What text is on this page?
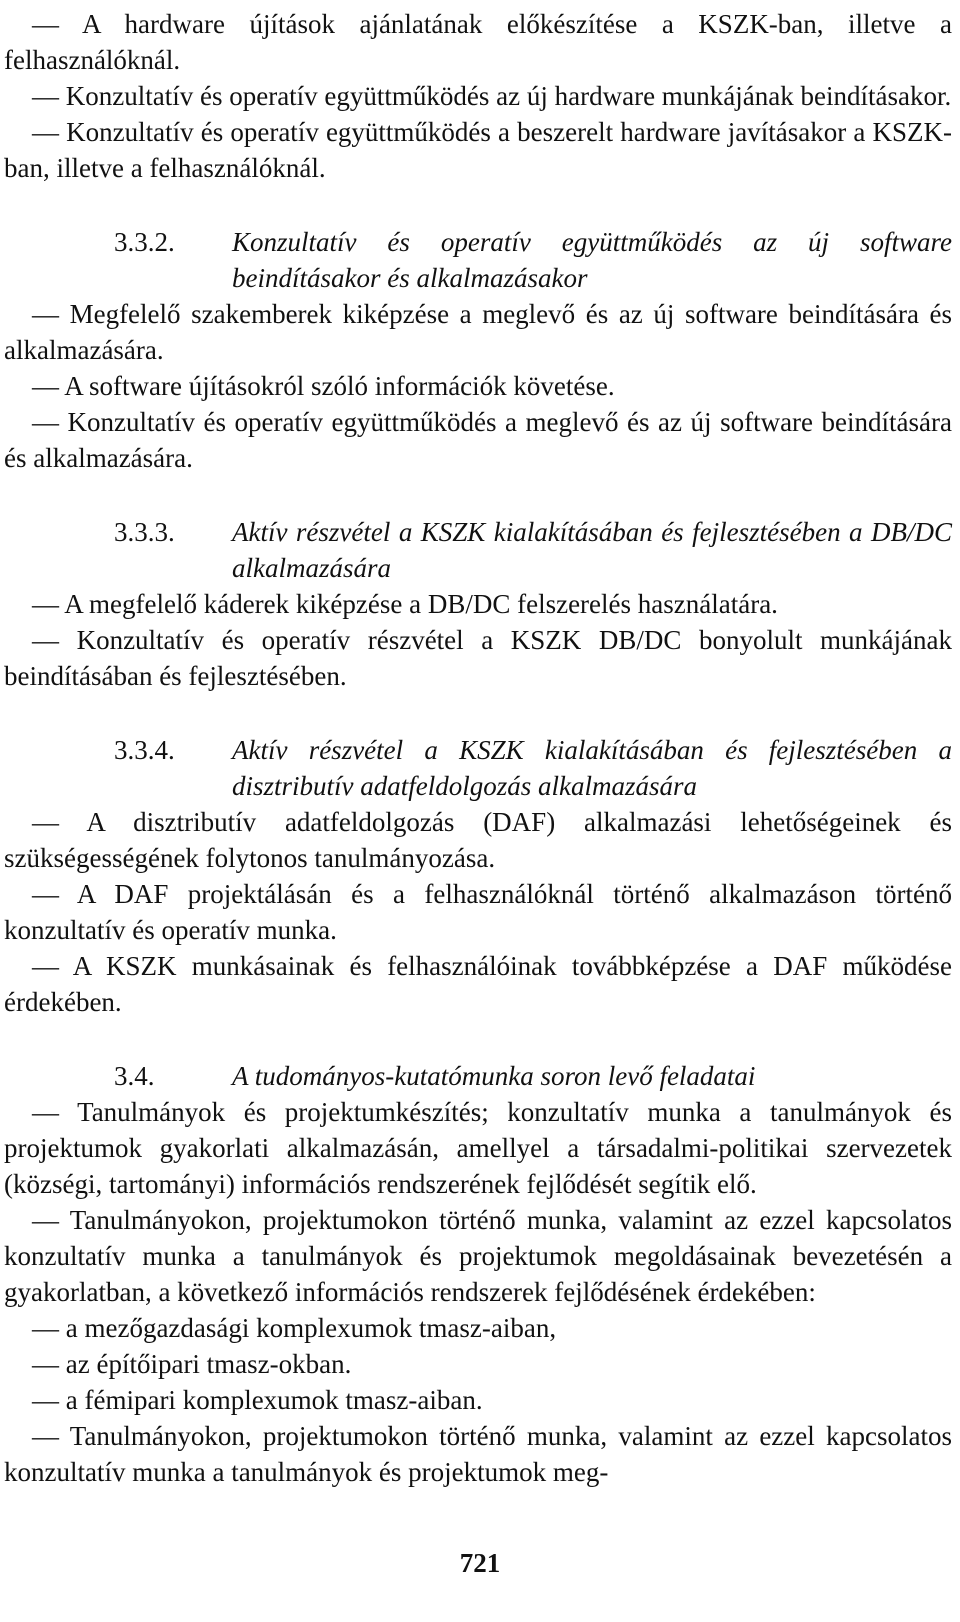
— A hardware újítások ajánlatának előkészítése a KSZK-ban, illetve a felhasználóknál.

— Konzultatív és operatív együttműködés az új hardware munkájának beindításakor.

— Konzultatív és operatív együttműködés a beszerelt hardware javításakor a KSZK-ban, illetve a felhasználóknál.

3.3.2.	Konzultatív és operatív együttműködés az új software beindításakor és alkalmazásakor

— Megfelelő szakemberek kiképzése a meglevő és az új software beindítására és alkalmazására.

— A software újításokról szóló információk követése.

— Konzultatív és operatív együttműködés a meglevő és az új software beindítására és alkalmazására.

3.3.3.	Aktív részvétel a KSZK kialakításában és fejlesztésében a DB/DC alkalmazására

— A megfelelő káderek kiképzése a DB/DC felszerelés használatára.

— Konzultatív és operatív részvétel a KSZK DB/DC bonyolult munkájának beindításában és fejlesztésében.

3.3.4.	Aktív részvétel a KSZK kialakításában és fejlesztésében a disztributív adatfeldolgozás alkalmazására

— A disztributív adatfeldolgozás (DAF) alkalmazási lehetőségeinek és szükségességének folytonos tanulmányozása.

— A DAF projektálásán és a felhasználóknál történő alkalmazáson történő konzultatív és operatív munka.

— A KSZK munkásainak és felhasználóinak továbbképzése a DAF működése érdekében.

3.4.	A tudományos-kutatómunka soron levő feladatai

— Tanulmányok és projektumkészítés; konzultatív munka a tanulmányok és projektumok gyakorlati alkalmazásán, amellyel a társadalmi-politikai szervezetek (községi, tartományi) információs rendszerének fejlődését segítik elő.

— Tanulmányokon, projektumokon történő munka, valamint az ezzel kapcsolatos konzultatív munka a tanulmányok és projektumok megoldásainak bevezetésén a gyakorlatban, a következő információs rendszerek fejlődésének érdekében:

— a mezőgazdasági komplexumok tmasz-aiban,

— az építőipari tmasz-okban.

— a fémipari komplexumok tmasz-aiban.

— Tanulmányokon, projektumokon történő munka, valamint az ezzel kapcsolatos konzultatív munka a tanulmányok és projektumok meg-

721
